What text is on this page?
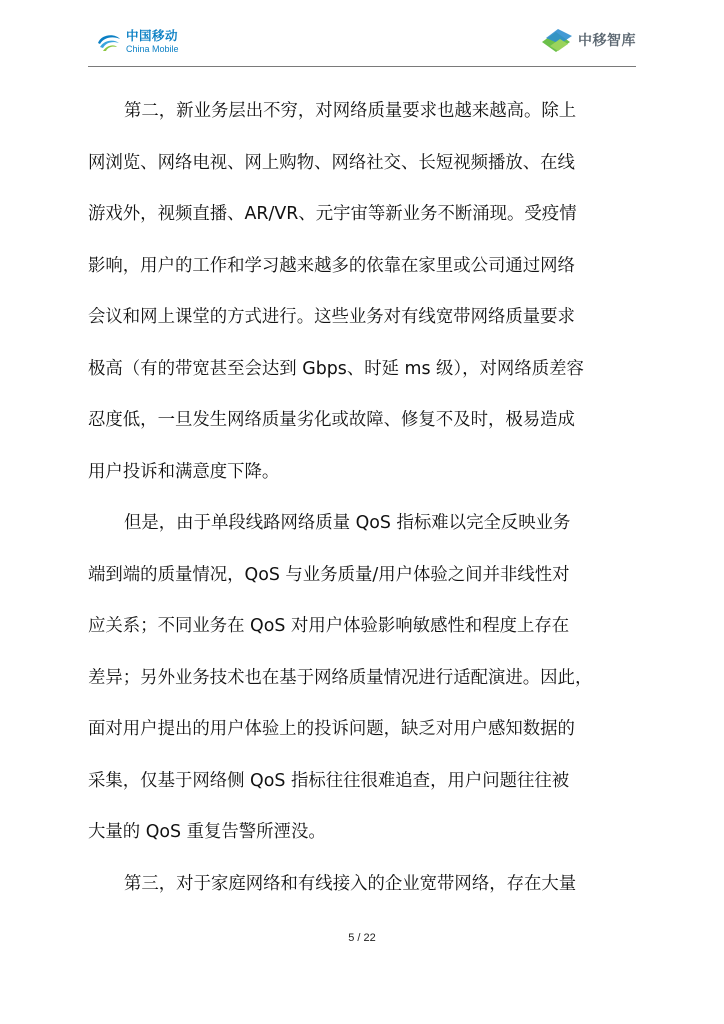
中国移动
China Mobile	中移智库

第二，新业务层出不穷，对网络质量要求也越来越高。除上
网浏览、网络电视、网上购物、网络社交、长短视频播放、在线
游戏外，视频直播、AR/VR、元宇宙等新业务不断涌现。受疫情
影响，用户的工作和学习越来越多的依靠在家里或公司通过网络
会议和网上课堂的方式进行。这些业务对有线宽带网络质量要求
极高（有的带宽甚至会达到 Gbps、时延 ms 级），对网络质差容
忍度低，一旦发生网络质量劣化或故障、修复不及时，极易造成
用户投诉和满意度下降。

但是，由于单段线路网络质量 QoS 指标难以完全反映业务
端到端的质量情况，QoS 与业务质量/用户体验之间并非线性对
应关系；不同业务在 QoS 对用户体验影响敏感性和程度上存在
差异；另外业务技术也在基于网络质量情况进行适配演进。因此，
面对用户提出的用户体验上的投诉问题，缺乏对用户感知数据的
采集，仅基于网络侧 QoS 指标往往很难追查，用户问题往往被
大量的 QoS 重复告警所湮没。

第三，对于家庭网络和有线接入的企业宽带网络，存在大量

5 / 22
